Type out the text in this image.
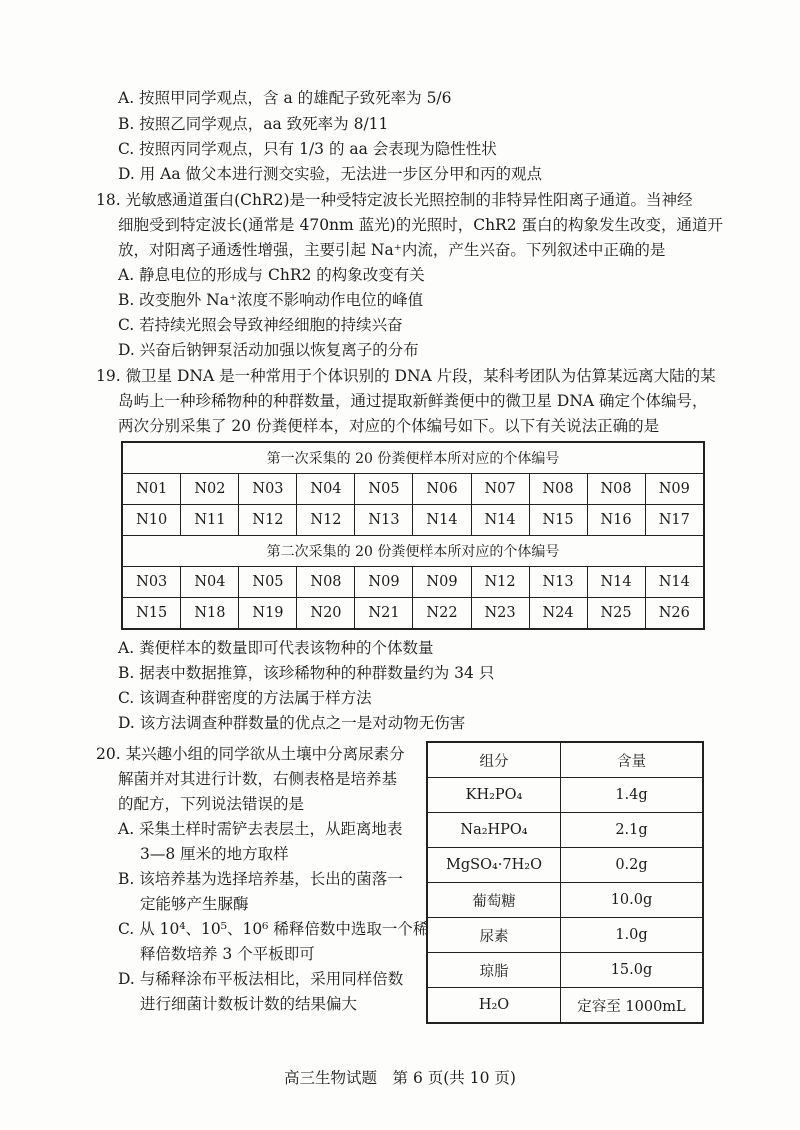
A. 按照甲同学观点，含 a 的雄配子致死率为 5/6
B. 按照乙同学观点，aa 致死率为 8/11
C. 按照丙同学观点，只有 1/3 的 aa 会表现为隐性性状
D. 用 Aa 做父本进行测交实验，无法进一步区分甲和丙的观点
18. 光敏感通道蛋白(ChR2)是一种受特定波长光照控制的非特异性阳离子通道。当神经
细胞受到特定波长(通常是 470nm 蓝光)的光照时，ChR2 蛋白的构象发生改变，通道开
放，对阳离子通透性增强，主要引起 Na⁺内流，产生兴奋。下列叙述中正确的是
A. 静息电位的形成与 ChR2 的构象改变有关
B. 改变胞外 Na⁺浓度不影响动作电位的峰值
C. 若持续光照会导致神经细胞的持续兴奋
D. 兴奋后钠钾泵活动加强以恢复离子的分布
19. 微卫星 DNA 是一种常用于个体识别的 DNA 片段，某科考团队为估算某远离大陆的某
岛屿上一种珍稀物种的种群数量，通过提取新鲜粪便中的微卫星 DNA 确定个体编号，
两次分别采集了 20 份粪便样本，对应的个体编号如下。以下有关说法正确的是
第一次采集的 20 份粪便样本所对应的个体编号									
N01	N02	N03	N04	N05	N06	N07	N08	N08	N09
N10	N11	N12	N12	N13	N14	N14	N15	N16	N17
第二次采集的 20 份粪便样本所对应的个体编号									
N03	N04	N05	N08	N09	N09	N12	N13	N14	N14
N15	N18	N19	N20	N21	N22	N23	N24	N25	N26
A. 粪便样本的数量即可代表该物种的个体数量
B. 据表中数据推算，该珍稀物种的种群数量约为 34 只
C. 该调查种群密度的方法属于样方法
D. 该方法调查种群数量的优点之一是对动物无伤害
20. 某兴趣小组的同学欲从土壤中分离尿素分
解菌并对其进行计数，右侧表格是培养基
的配方，下列说法错误的是
A. 采集土样时需铲去表层土，从距离地表
3—8 厘米的地方取样
B. 该培养基为选择培养基，长出的菌落一
定能够产生脲酶
C. 从 10⁴、10⁵、10⁶ 稀释倍数中选取一个稀
释倍数培养 3 个平板即可
D. 与稀释涂布平板法相比，采用同样倍数
进行细菌计数板计数的结果偏大
组分	含量
KH₂PO₄	1.4g
Na₂HPO₄	2.1g
MgSO₄·7H₂O	0.2g
葡萄糖	10.0g
尿素	1.0g
琼脂	15.0g
H₂O	定容至 1000mL
高三生物试题　第 6 页(共 10 页)
